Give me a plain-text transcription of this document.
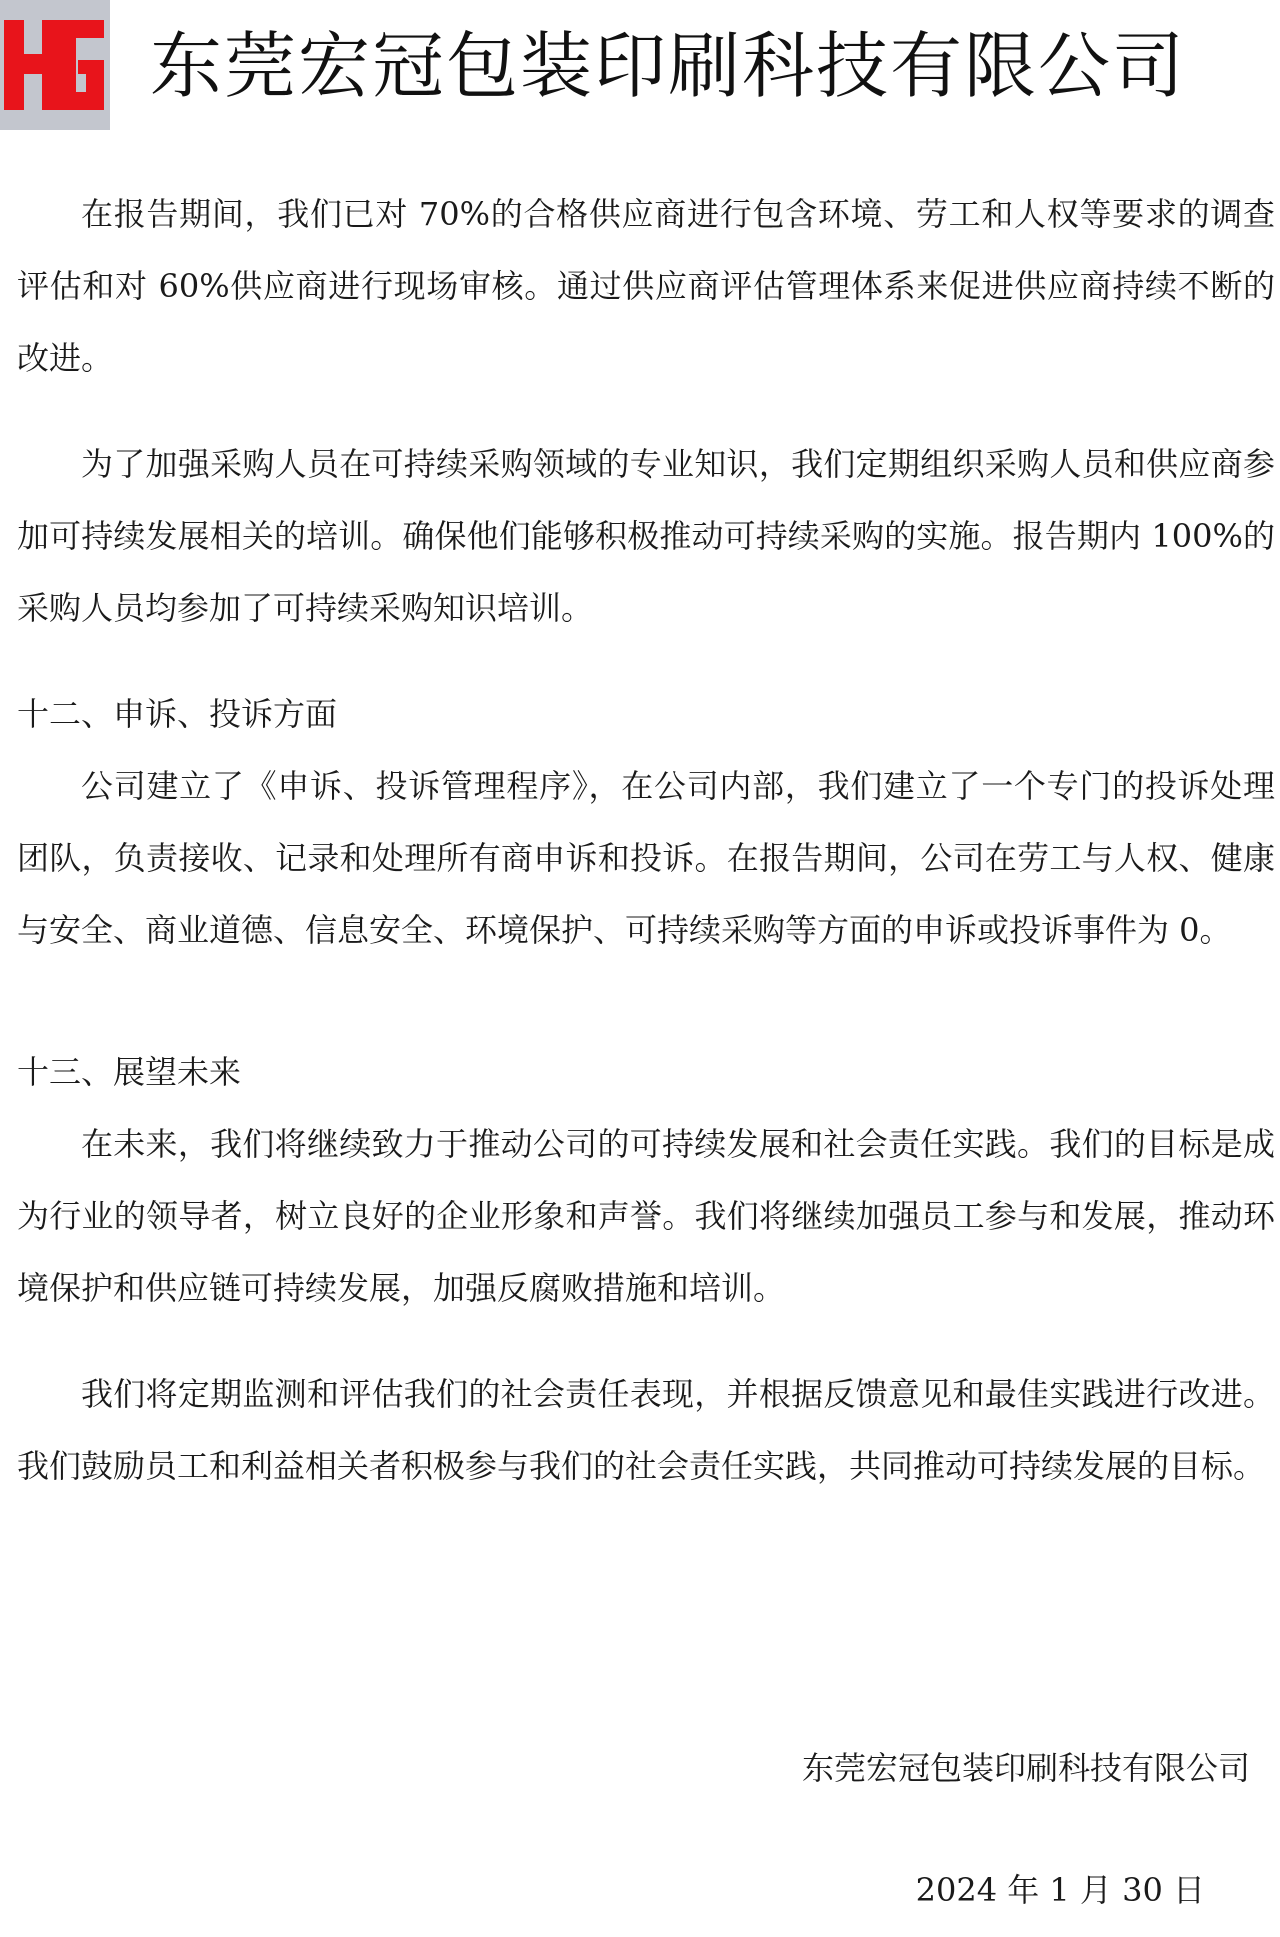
东莞宏冠包装印刷科技有限公司

在报告期间，我们已对 70%的合格供应商进行包含环境、劳工和人权等要求的调查评估和对 60%供应商进行现场审核。通过供应商评估管理体系来促进供应商持续不断的改进。

为了加强采购人员在可持续采购领域的专业知识，我们定期组织采购人员和供应商参加可持续发展相关的培训。确保他们能够积极推动可持续采购的实施。报告期内 100%的采购人员均参加了可持续采购知识培训。

十二、申诉、投诉方面

公司建立了《申诉、投诉管理程序》，在公司内部，我们建立了一个专门的投诉处理团队，负责接收、记录和处理所有商申诉和投诉。在报告期间，公司在劳工与人权、健康与安全、商业道德、信息安全、环境保护、可持续采购等方面的申诉或投诉事件为 0。

十三、展望未来

在未来，我们将继续致力于推动公司的可持续发展和社会责任实践。我们的目标是成为行业的领导者，树立良好的企业形象和声誉。我们将继续加强员工参与和发展，推动环境保护和供应链可持续发展，加强反腐败措施和培训。

我们将定期监测和评估我们的社会责任表现，并根据反馈意见和最佳实践进行改进。我们鼓励员工和利益相关者积极参与我们的社会责任实践，共同推动可持续发展的目标。

东莞宏冠包装印刷科技有限公司
2024 年 1 月 30 日
